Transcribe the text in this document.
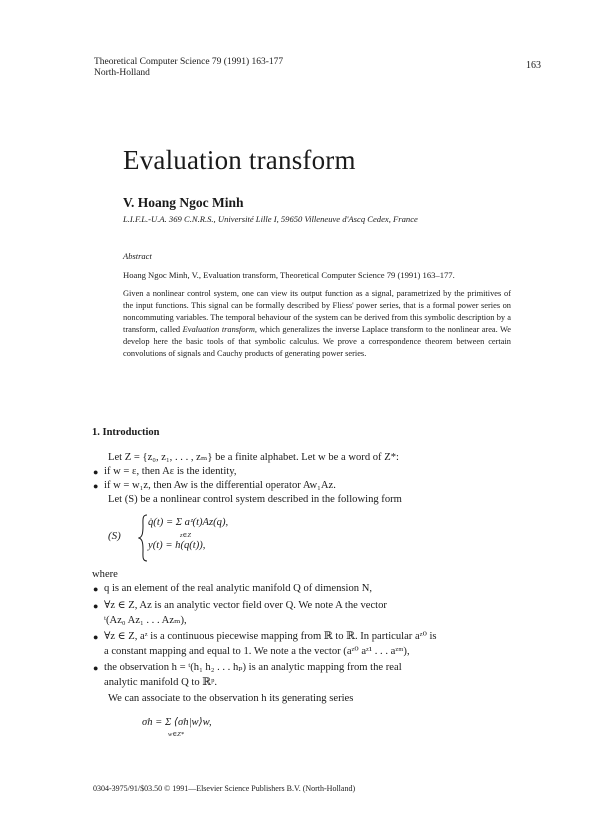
Theoretical Computer Science 79 (1991) 163-177
North-Holland
163
Evaluation transform
V. Hoang Ngoc Minh
L.I.F.L.-U.A. 369 C.N.R.S., Université Lille I, 59650 Villeneuve d'Ascq Cedex, France
Abstract
Hoang Ngoc Minh, V., Evaluation transform, Theoretical Computer Science 79 (1991) 163–177.
Given a nonlinear control system, one can view its output function as a signal, parametrized by the primitives of the input functions. This signal can be formally described by Fliess' power series, that is a formal power series on noncommuting variables. The temporal behaviour of the system can be derived from this symbolic description by a transform, called Evaluation transform, which generalizes the inverse Laplace transform to the nonlinear area. We develop here the basic tools of that symbolic calculus. We prove a correspondence theorem between certain convolutions of signals and Cauchy products of generating power series.
1. Introduction
Let Z = {z₀, z₁, . . . , zₘ} be a finite alphabet. Let w be a word of Z*:
● if w = ε, then Aε is the identity,
● if w = w₁z, then Aw is the differential operator Aw₁Az.
Let (S) be a nonlinear control system described in the following form
(S)
q̇(t) = Σ aᶻ(t)Az(q),
z∈Z
y(t) = h(q(t)),
where
● q is an element of the real analytic manifold Q of dimension N,
● ∀z ∈ Z, Az is an analytic vector field over Q. We note A the vector
ᵗ(Az₀ Az₁ . . . Azₘ),
● ∀z ∈ Z, aᶻ is a continuous piecewise mapping from ℝ to ℝ. In particular aᶻ⁰ is
a constant mapping and equal to 1. We note a the vector (aᶻ⁰ aᶻ¹ . . . aᶻᵐ),
● the observation h = ᵗ(h₁ h₂ . . . hₚ) is an analytic mapping from the real
analytic manifold Q to ℝᵖ.
We can associate to the observation h its generating series
σh = Σ ⟨σh|w⟩w,
w∈Z*
0304-3975/91/$03.50 © 1991—Elsevier Science Publishers B.V. (North-Holland)
